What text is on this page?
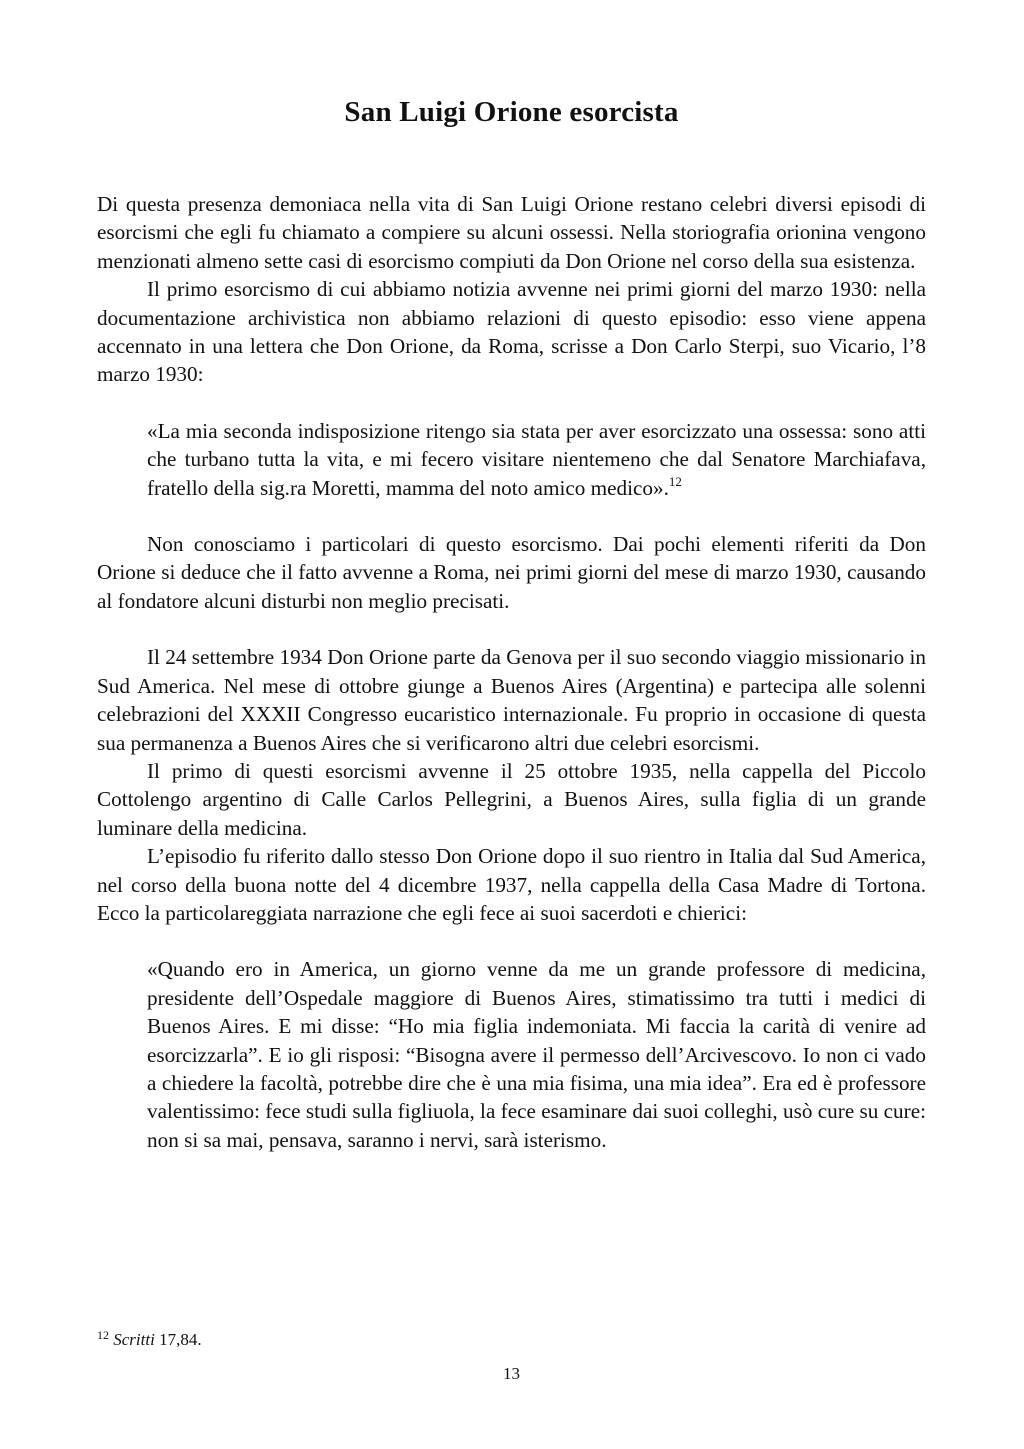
San Luigi Orione esorcista

Di questa presenza demoniaca nella vita di San Luigi Orione restano celebri diversi episodi di esorcismi che egli fu chiamato a compiere su alcuni ossessi. Nella storiografia orionina vengono menzionati almeno sette casi di esorcismo compiuti da Don Orione nel corso della sua esistenza.

Il primo esorcismo di cui abbiamo notizia avvenne nei primi giorni del marzo 1930: nella documentazione archivistica non abbiamo relazioni di questo episodio: esso viene appena accennato in una lettera che Don Orione, da Roma, scrisse a Don Carlo Sterpi, suo Vicario, l’8 marzo 1930:

«La mia seconda indisposizione ritengo sia stata per aver esorcizzato una ossessa: sono atti che turbano tutta la vita, e mi fecero visitare nientemeno che dal Senatore Marchiafava, fratello della sig.ra Moretti, mamma del noto amico medico».$^{12}$

Non conosciamo i particolari di questo esorcismo. Dai pochi elementi riferiti da Don Orione si deduce che il fatto avvenne a Roma, nei primi giorni del mese di marzo 1930, causando al fondatore alcuni disturbi non meglio precisati.

Il 24 settembre 1934 Don Orione parte da Genova per il suo secondo viaggio missionario in Sud America. Nel mese di ottobre giunge a Buenos Aires (Argentina) e partecipa alle solenni celebrazioni del XXXII Congresso eucaristico internazionale. Fu proprio in occasione di questa sua permanenza a Buenos Aires che si verificarono altri due celebri esorcismi.

Il primo di questi esorcismi avvenne il 25 ottobre 1935, nella cappella del Piccolo Cottolengo argentino di Calle Carlos Pellegrini, a Buenos Aires, sulla figlia di un grande luminare della medicina.

L’episodio fu riferito dallo stesso Don Orione dopo il suo rientro in Italia dal Sud America, nel corso della buona notte del 4 dicembre 1937, nella cappella della Casa Madre di Tortona. Ecco la particolareggiata narrazione che egli fece ai suoi sacerdoti e chierici:

«Quando ero in America, un giorno venne da me un grande professore di medicina, presidente dell’Ospedale maggiore di Buenos Aires, stimatissimo tra tutti i medici di Buenos Aires. E mi disse: “Ho mia figlia indemoniata. Mi faccia la carità di venire ad esorcizzarla”. E io gli risposi: “Bisogna avere il permesso dell’Arcivescovo. Io non ci vado a chiedere la facoltà, potrebbe dire che è una mia fisima, una mia idea”. Era ed è professore valentissimo: fece studi sulla figliuola, la fece esaminare dai suoi colleghi, usò cure su cure: non si sa mai, pensava, saranno i nervi, sarà isterismo.

$^{12}$ Scritti 17,84.
13
